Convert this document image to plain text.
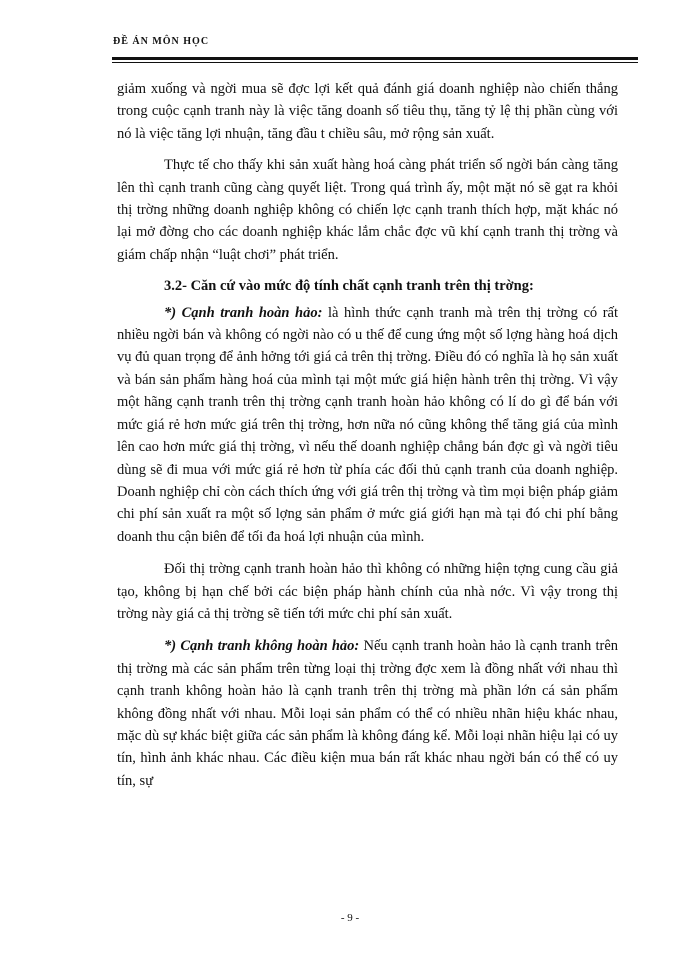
ĐỀ ÁN MÔN HỌC

giảm xuống và ngời mua sẽ đợc lợi kết quả đánh giá doanh nghiệp nào chiến thắng trong cuộc cạnh tranh này là việc tăng doanh số tiêu thụ, tăng tỷ lệ thị phần cùng với nó là việc tăng lợi nhuận, tăng đầu t chiều sâu, mở rộng sản xuất.

Thực tế cho thấy khi sản xuất hàng hoá càng phát triển số ngời bán càng tăng lên thì cạnh tranh cũng càng quyết liệt. Trong quá trình ấy, một mặt nó sẽ gạt ra khỏi thị trờng những doanh nghiệp không có chiến lợc cạnh tranh thích hợp, mặt khác nó lại mở đờng cho các doanh nghiệp khác lắm chắc đợc vũ khí cạnh tranh thị trờng và giám chấp nhận “luật chơi” phát triển.

3.2- Căn cứ vào mức độ tính chất cạnh tranh trên thị trờng:

*) Cạnh tranh hoàn hảo: là hình thức cạnh tranh mà trên thị trờng có rất nhiều ngời bán và không có ngời nào có u thế để cung ứng một số lợng hàng hoá dịch vụ đủ quan trọng để ảnh hởng tới giá cả trên thị trờng. Điều đó có nghĩa là họ sản xuất và bán sản phẩm hàng hoá của mình tại một mức giá hiện hành trên thị trờng. Vì vậy một hãng cạnh tranh trên thị trờng cạnh tranh hoàn hảo không có lí do gì để bán với mức giá rẻ hơn mức giá trên thị trờng, hơn nữa nó cũng không thể tăng giá của mình lên cao hơn mức giá thị trờng, vì nếu thế doanh nghiệp chẳng bán đợc gì và ngời tiêu dùng sẽ đi mua với mức giá rẻ hơn từ phía các đối thủ cạnh tranh của doanh nghiệp. Doanh nghiệp chỉ còn cách thích ứng với giá trên thị trờng và tìm mọi biện pháp giảm chi phí sản xuất ra một số lợng sản phẩm ở mức giá giới hạn mà tại đó chi phí bằng doanh thu cận biên để tối đa hoá lợi nhuận của mình.

Đối thị trờng cạnh tranh hoàn hảo thì không có những hiện tợng cung cầu giả tạo, không bị hạn chế bởi các biện pháp hành chính của nhà nớc. Vì vậy trong thị trờng này giá cả thị trờng sẽ tiến tới mức chi phí sản xuất.

*) Cạnh tranh không hoàn hảo: Nếu cạnh tranh hoàn hảo là cạnh tranh trên thị trờng mà các sản phẩm trên từng loại thị trờng đợc xem là đồng nhất với nhau thì cạnh tranh không hoàn hảo là cạnh tranh trên thị trờng mà phần lớn cá sản phẩm không đồng nhất với nhau. Mỗi loại sản phẩm có thể có nhiều nhãn hiệu khác nhau, mặc dù sự khác biệt giữa các sản phẩm là không đáng kể. Mỗi loại nhãn hiệu lại có uy tín, hình ảnh khác nhau. Các điều kiện mua bán rất khác nhau ngời bán có thể có uy tín, sự

- 9 -
